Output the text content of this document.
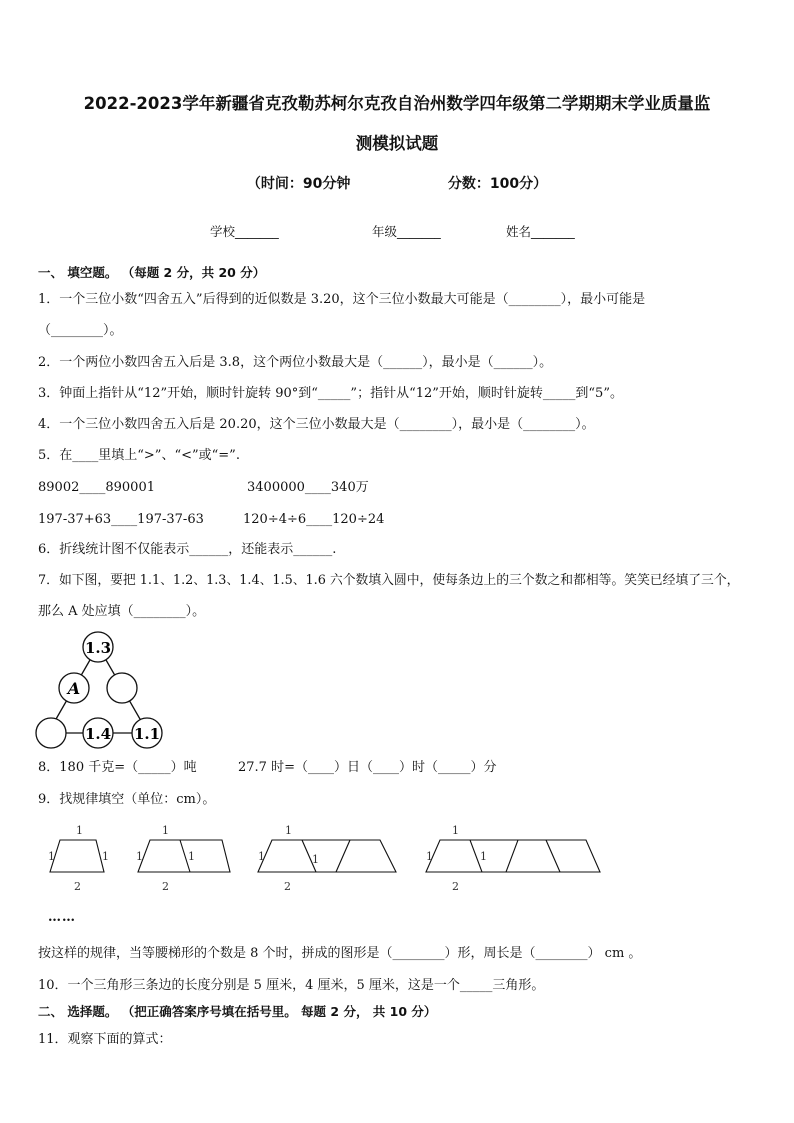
2022-2023学年新疆省克孜勒苏柯尔克孜自治州数学四年级第二学期期末学业质量监
测模拟试题
（时间：90分钟                    分数：100分）
学校_______	年级_______	姓名_______
一、 填空题。 （每题 2 分，共 20 分）
1．一个三位小数“四舍五入”后得到的近似数是 3.20，这个三位小数最大可能是（________），最小可能是
（________）。
2．一个两位小数四舍五入后是 3.8，这个两位小数最大是（______），最小是（______）。
3．钟面上指针从“12”开始，顺时针旋转 90°到“_____”；指针从“12”开始，顺时针旋转_____到“5”。
4．一个三位小数四舍五入后是 20.20，这个三位小数最大是（________），最小是（________）。
5．在____里填上“>”、“<”或“=”.
89002____890001	3400000____340万
197-37+63____197-37-63	120÷4÷6____120÷24
6．折线统计图不仅能表示______，还能表示______.
7．如下图，要把 1.1、1.2、1.3、1.4、1.5、1.6 六个数填入圆中，使每条边上的三个数之和都相等。笑笑已经填了三个，
那么 A 处应填（________）。
1.3
A
1.4 1.1
8．180 千克=（_____）吨	27.7 时=（____）日（____）时（_____）分
9．找规律填空（单位：cm）。
1
1	1
2
1
1	1
2
1
1	1
2
1
1	1
2
……
按这样的规律，当等腰梯形的个数是 8 个时，拼成的图形是（________）形，周长是（________） cm 。
10．一个三角形三条边的长度分别是 5 厘米，4 厘米，5 厘米，这是一个_____三角形。
二、 选择题。 （把正确答案序号填在括号里。 每题 2 分， 共 10 分）
11．观察下面的算式：
